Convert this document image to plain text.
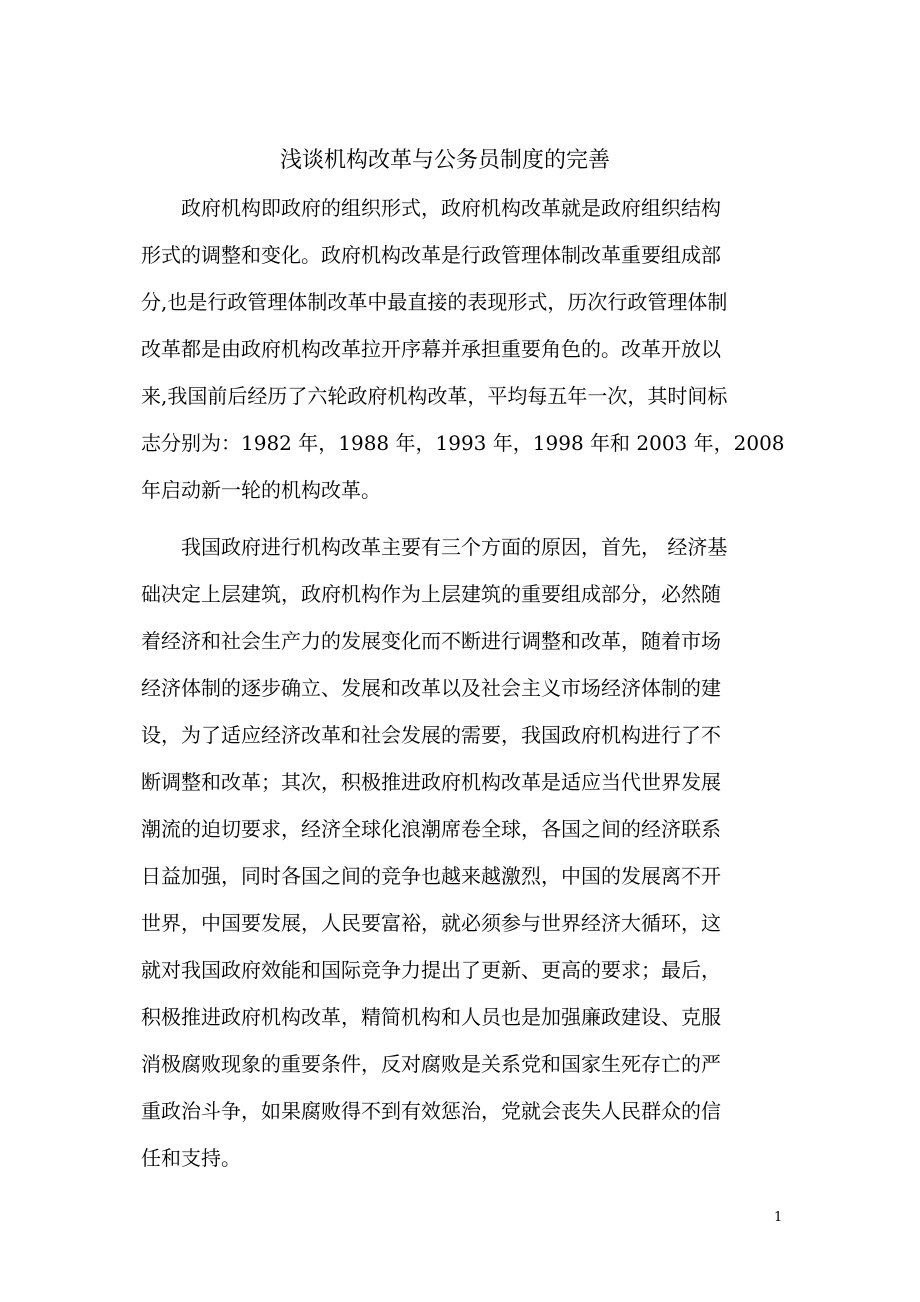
浅谈机构改革与公务员制度的完善

政府机构即政府的组织形式，政府机构改革就是政府组织结构

形式的调整和变化。政府机构改革是行政管理体制改革重要组成部

分,也是行政管理体制改革中最直接的表现形式，历次行政管理体制

改革都是由政府机构改革拉开序幕并承担重要角色的。改革开放以

来,我国前后经历了六轮政府机构改革，平均每五年一次，其时间标

志分别为：1982 年，1988 年，1993 年，1998 年和 2003 年，2008

年启动新一轮的机构改革。

我国政府进行机构改革主要有三个方面的原因，首先， 经济基

础决定上层建筑，政府机构作为上层建筑的重要组成部分，必然随

着经济和社会生产力的发展变化而不断进行调整和改革，随着市场

经济体制的逐步确立、发展和改革以及社会主义市场经济体制的建

设，为了适应经济改革和社会发展的需要，我国政府机构进行了不

断调整和改革；其次，积极推进政府机构改革是适应当代世界发展

潮流的迫切要求，经济全球化浪潮席卷全球，各国之间的经济联系

日益加强，同时各国之间的竞争也越来越激烈，中国的发展离不开

世界，中国要发展，人民要富裕，就必须参与世界经济大循环，这

就对我国政府效能和国际竞争力提出了更新、更高的要求；最后，

积极推进政府机构改革，精简机构和人员也是加强廉政建设、克服

消极腐败现象的重要条件，反对腐败是关系党和国家生死存亡的严

重政治斗争，如果腐败得不到有效惩治，党就会丧失人民群众的信

任和支持。

1
